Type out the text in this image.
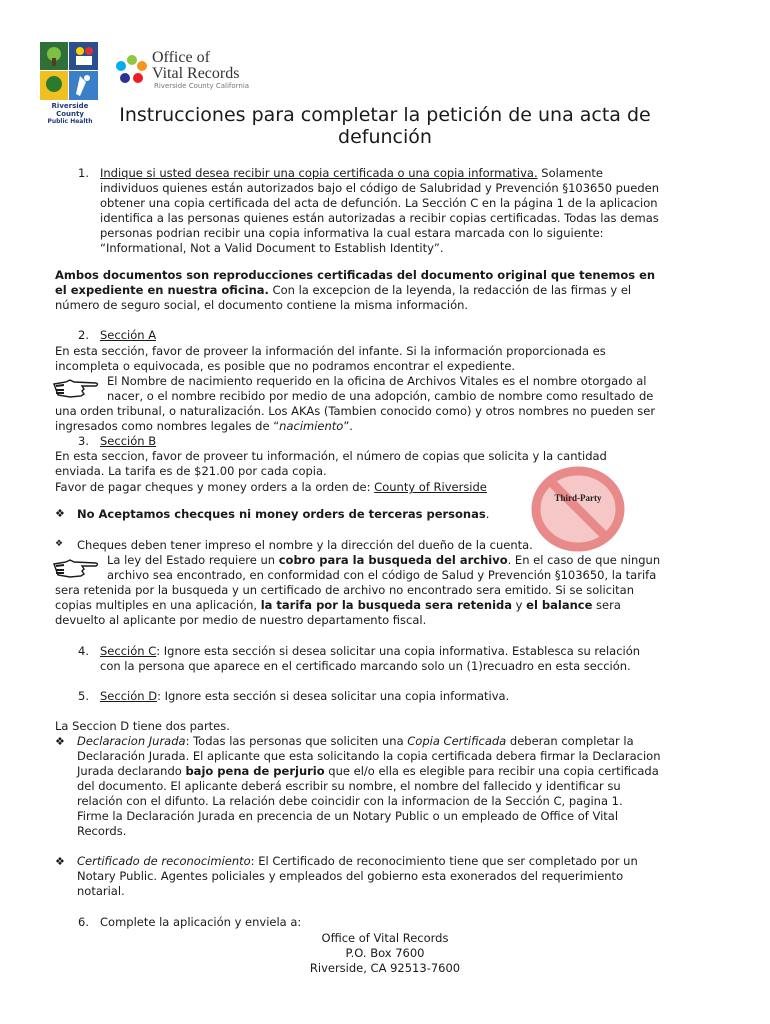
Riverside County
Public Health
Office of
Vital Records
Riverside County California
Instrucciones para completar la petición de una acta de
defunción
1. Indique si usted desea recibir una copia certificada o una copia informativa. Solamente
individuos quienes están autorizados bajo el código de Salubridad y Prevención §103650 pueden
obtener una copia certificada del acta de defunción. La Sección C en la página 1 de la aplicacion
identifica a las personas quienes están autorizadas a recibir copias certificadas. Todas las demas
personas podrian recibir una copia informativa la cual estara marcada con lo siguiente:
“Informational, Not a Valid Document to Establish Identity”.
Ambos documentos son reproducciones certificadas del documento original que tenemos en
el expediente en nuestra oficina. Con la excepcion de la leyenda, la redacción de las firmas y el
número de seguro social, el documento contiene la misma información.
2. Sección A
En esta sección, favor de proveer la información del infante. Si la información proporcionada es
incompleta o equivocada, es posible que no podramos encontrar el expediente.
El Nombre de nacimiento requerido en la oficina de Archivos Vitales es el nombre otorgado al
nacer, o el nombre recibido por medio de una adopción, cambio de nombre como resultado de
una orden tribunal, o naturalización. Los AKAs (Tambien conocido como) y otros nombres no pueden ser
ingresados como nombres legales de “nacimiento”.
3. Sección B
En esta seccion, favor de proveer tu información, el número de copias que solicita y la cantidad
enviada. La tarifa es de $21.00 por cada copia.
Favor de pagar cheques y money orders a la orden de: County of Riverside
Third-Party
❖ No Aceptamos checques ni money orders de terceras personas.
❖ Cheques deben tener impreso el nombre y la dirección del dueño de la cuenta.
La ley del Estado requiere un cobro para la busqueda del archivo. En el caso de que ningun
archivo sea encontrado, en conformidad con el código de Salud y Prevención §103650, la tarifa
sera retenida por la busqueda y un certificado de archivo no encontrado sera emitido. Si se solicitan
copias multiples en una aplicación, la tarifa por la busqueda sera retenida y el balance sera
devuelto al aplicante por medio de nuestro departamento fiscal.
4. Sección C: Ignore esta sección si desea solicitar una copia informativa. Establesca su relación
con la persona que aparece en el certificado marcando solo un (1)recuadro en esta sección.
5. Sección D: Ignore esta sección si desea solicitar una copia informativa.
La Seccion D tiene dos partes.
❖ Declaracion Jurada: Todas las personas que soliciten una Copia Certificada deberan completar la
Declaración Jurada. El aplicante que esta solicitando la copia certificada debera firmar la Declaracion
Jurada declarando bajo pena de perjurio que el/o ella es elegible para recibir una copia certificada
del documento. El aplicante deberá escribir su nombre, el nombre del fallecido y identificar su
relación con el difunto. La relación debe coincidir con la informacion de la Sección C, pagina 1.
Firme la Declaración Jurada en precencia de un Notary Public o un empleado de Office of Vital
Records.
❖ Certificado de reconocimiento: El Certificado de reconocimiento tiene que ser completado por un
Notary Public. Agentes policiales y empleados del gobierno esta exonerados del requerimiento
notarial.
6. Complete la aplicación y enviela a:
Office of Vital Records
P.O. Box 7600
Riverside, CA 92513-7600
